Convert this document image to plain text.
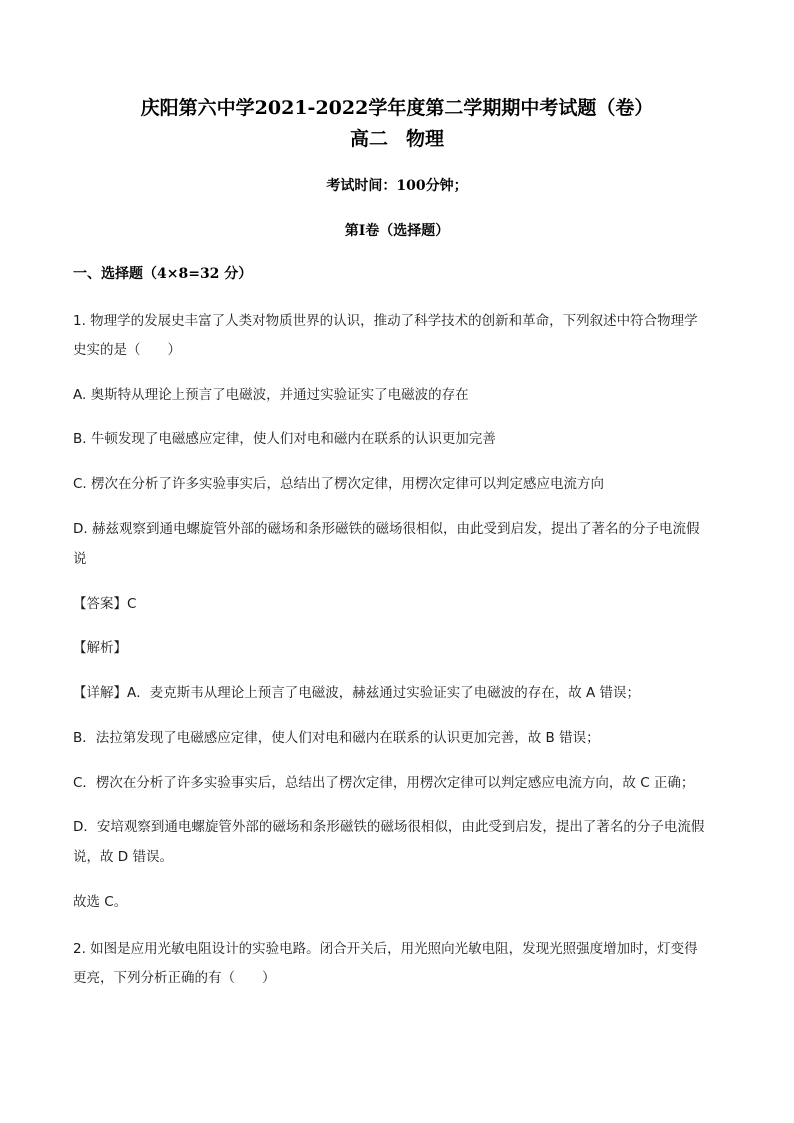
庆阳第六中学2021-2022学年度第二学期期中考试题（卷）
高二 物理
考试时间：100分钟；
第I卷（选择题）
一、选择题（4×8=32 分）
1. 物理学的发展史丰富了人类对物质世界的认识，推动了科学技术的创新和革命，下列叙述中符合物理学
史实的是（　　）
A. 奥斯特从理论上预言了电磁波，并通过实验证实了电磁波的存在
B. 牛顿发现了电磁感应定律，使人们对电和磁内在联系的认识更加完善
C. 楞次在分析了许多实验事实后，总结出了楞次定律，用楞次定律可以判定感应电流方向
D. 赫兹观察到通电螺旋管外部的磁场和条形磁铁的磁场很相似，由此受到启发，提出了著名的分子电流假
说
【答案】C
【解析】
【详解】A．麦克斯韦从理论上预言了电磁波，赫兹通过实验证实了电磁波的存在，故 A 错误；
B．法拉第发现了电磁感应定律，使人们对电和磁内在联系的认识更加完善，故 B 错误；
C．楞次在分析了许多实验事实后，总结出了楞次定律，用楞次定律可以判定感应电流方向，故 C 正确；
D．安培观察到通电螺旋管外部的磁场和条形磁铁的磁场很相似，由此受到启发，提出了著名的分子电流假
说，故 D 错误。
故选 C。
2. 如图是应用光敏电阻设计的实验电路。闭合开关后，用光照向光敏电阻，发现光照强度增加时，灯变得
更亮，下列分析正确的有（　　）
